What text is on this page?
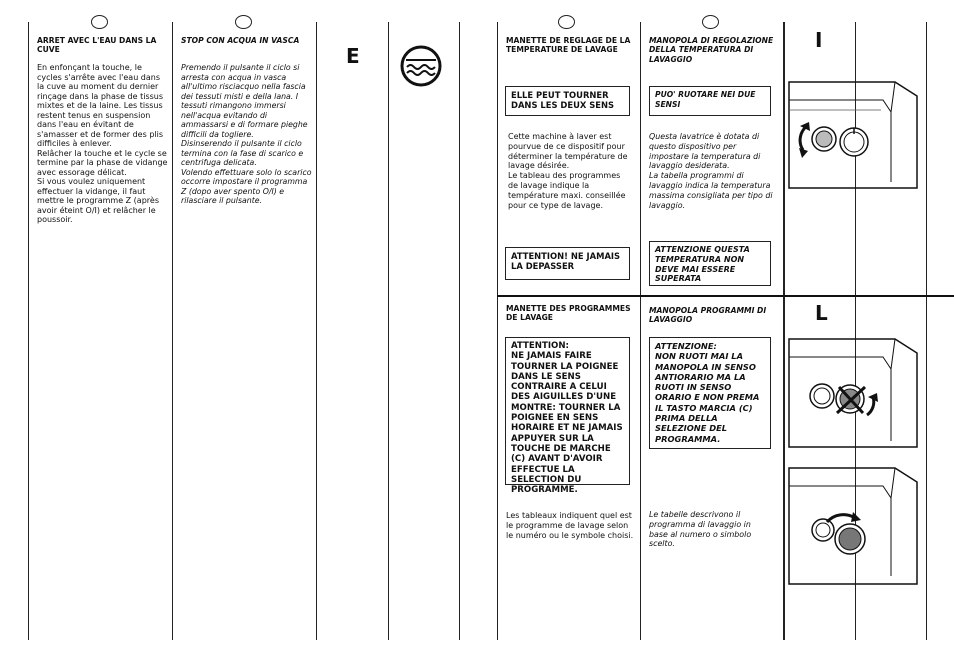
ARRET AVEC L'EAU DANS LA CUVE
En enfonçant la touche, le cycles s'arrête avec l'eau dans la cuve au moment du dernier rinçage dans la phase de tissus mixtes et de la laine. Les tissus restent tenus en suspension dans l'eau en évitant de s'amasser et de former des plis difficiles à enlever.
Relâcher la touche et le cycle se termine par la phase de vidange avec essorage délicat.
Si vous voulez uniquement effectuer la vidange, il faut mettre le programme Z (après avoir éteint O/I) et relâcher le poussoir.
STOP CON ACQUA IN VASCA
Premendo il pulsante il ciclo si arresta con acqua in vasca all'ultimo risciacquo nella fascia dei tessuti misti e della lana. I tessuti rimangono immersi nell'acqua evitando di ammassarsi e di formare pieghe difficili da togliere.
Disinserendo il pulsante il ciclo termina con la fase di scarico e centrifuga delicata.
Volendo effettuare solo lo scarico occorre impostare il programma Z (dopo aver spento O/I) e rilasciare il pulsante.
E
MANETTE DE REGLAGE DE LA TEMPERATURE DE LAVAGE
MANOPOLA DI REGOLAZIONE DELLA TEMPERATURA DI LAVAGGIO
ELLE PEUT TOURNER DANS LES DEUX SENS
PUO' RUOTARE NEI DUE SENSI
Cette machine à laver est pourvue de ce dispositif pour déterminer la température de lavage désirée.
Le tableau des programmes de lavage indique la température maxi. conseillée pour ce type de lavage.
Questa lavatrice è dotata di questo dispositivo per impostare la temperatura di lavaggio desiderata.
La tabella programmi di lavaggio indica la temperatura massima consigliata per tipo di lavaggio.
ATTENTION! NE JAMAIS LA DEPASSER
ATTENZIONE QUESTA TEMPERATURA NON DEVE MAI ESSERE SUPERATA
I
MANETTE DES PROGRAMMES DE LAVAGE
MANOPOLA PROGRAMMI DI LAVAGGIO
ATTENTION:
NE JAMAIS FAIRE TOURNER LA POIGNEE DANS LE SENS CONTRAIRE A CELUI DES AIGUILLES D'UNE MONTRE: TOURNER LA POIGNEE EN SENS HORAIRE ET NE JAMAIS APPUYER SUR LA TOUCHE DE MARCHE (C) AVANT D'AVOIR EFFECTUE LA SELECTION DU PROGRAMME.
ATTENZIONE:
NON RUOTI MAI LA MANOPOLA IN SENSO ANTIORARIO MA LA RUOTI IN SENSO ORARIO E NON PREMA IL TASTO MARCIA (C) PRIMA DELLA SELEZIONE DEL PROGRAMMA.
Les tableaux indiquent quel est le programme de lavage selon le numéro ou le symbole choisi.
Le tabelle descrivono il programma di lavaggio in base al numero o simbolo scelto.
L
